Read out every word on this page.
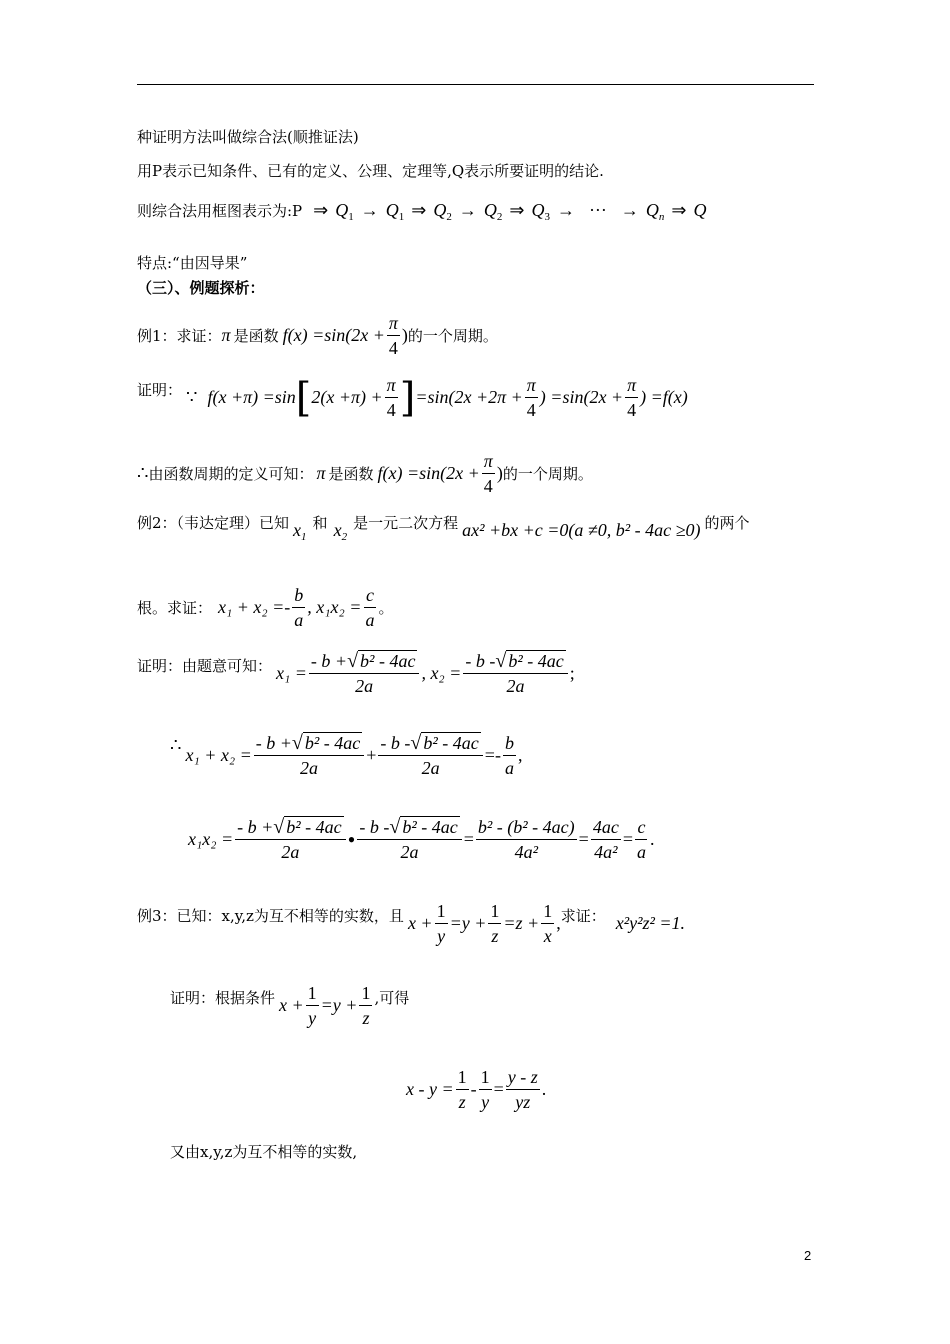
种证明方法叫做综合法(顺推证法)
用P表示已知条件、已有的定义、公理、定理等,Q表示所要证明的结论.
则综合法用框图表示为:P ⇒ $Q_1 \to Q_1$ ⇒ $Q_2 \to Q_2$ ⇒ $Q_3$ → ··· → $Q_n$ ⇒ Q
特点:“由因导果”
（三）、例题探析：
例1：求证： π 是函数 $f(x) =\sin(2x + \frac{\pi}{4}$ ) 的一个周期。
证明： ∵ f(x +π) =sin [ $2(x +\pi) + \frac{\pi}{4}$ ] $=\sin(2x +2\pi + \frac{\pi}{4}$ ) $=\sin(2x + \frac{\pi}{4}$ ) =f(x)
∴ 由函数周期的定义可知： π 是函数 $f(x) =\sin(2x + \frac{\pi}{4}$ ) 的一个周期。
例2：（韦达定理）已知 $x_1$
和 $x_2$
是一元二次方程 ax² +bx +c =0(a ≠0, b² - 4ac ≥0) 的两个
根。求证： $x_1 + x_2 =- \frac{b}{a}$ , $x_1x_2 = \frac{c}{a}$ 。
证明：由题意可知： $x_1 = \frac{\text{- b + √ b² - 4ac}}{2a}$ , $x_2 = \frac{\text{- b - √ b² - 4ac}}{2a}$ ;
∴ $x_1 + x_2 = \frac{\text{- b + √ b² - 4ac}}{2a} + \frac{\text{- b - √ b² - 4ac}}{2a} =- \frac{b}{a}$ ,
$x_1x_2 = \frac{\text{- b + √ b² - 4ac}}{2a}$ • $\frac{\text{- b - √ b² - 4ac}}{2a} = \frac{\text{b² - (b² - 4ac)}}{\text{4a²}} = \frac{4ac}{\text{4a²}} = \frac{c}{a}$ .
例3：已知：x,y,z为互不相等的实数，且 $x + \frac{1}{y} =y + \frac{1}{z} =z + \frac{1}{x}$ , 求证： x²y²z² =1.
证明：根据条件 $x + \frac{1}{y} =y + \frac{1}{z}$ ,可得
$x - y = \frac{1}{z} - \frac{1}{y} = \frac{y - z}{yz}$ .
又由x,y,z为互不相等的实数,
2
